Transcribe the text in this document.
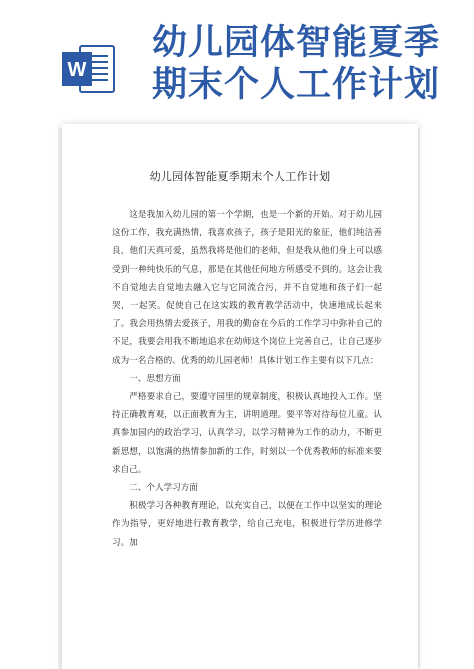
W
幼儿园体智能夏季
期末个人工作计划
幼儿园体智能夏季期末个人工作计划

这是我加入幼儿园的第一个学期，也是一个新的开始。对于幼儿园这份工作，我充满热情，我喜欢孩子，孩子是阳光的象征，他们纯洁善良，他们天真可爱，虽然我将是他们的老师，但是我从他们身上可以感受到一种纯快乐的气息，那是在其他任何地方所感受不到的。这会让我不自觉地去自觉地去融入它与它同流合污，并不自觉地和孩子们一起哭，一起笑。促使自己在这实践的教育教学活动中，快速地成长起来了。我会用热情去爱孩子，用我的勤奋在今后的工作学习中弥补自己的不足，我要会用我不断地追求在幼师这个岗位上完善自己，让自己逐步成为一名合格的、优秀的幼儿园老师！具体计划工作主要有以下几点：

一、思想方面

严格要求自己，要遵守园里的规章制度，积极认真地投入工作。坚持正确教育观，以正面教育为主，讲明道理。要平等对待每位儿童。认真参加园内的政治学习，认真学习，以学习精神为工作的动力，不断更新思想，以饱满的热情参加新的工作，时刻以一个优秀教师的标准来要求自己。

二、个人学习方面

积极学习各种教育理论，以充实自己，以便在工作中以坚实的理论作为指导，更好地进行教育教学，给自己充电，积极进行学历进修学习。加
